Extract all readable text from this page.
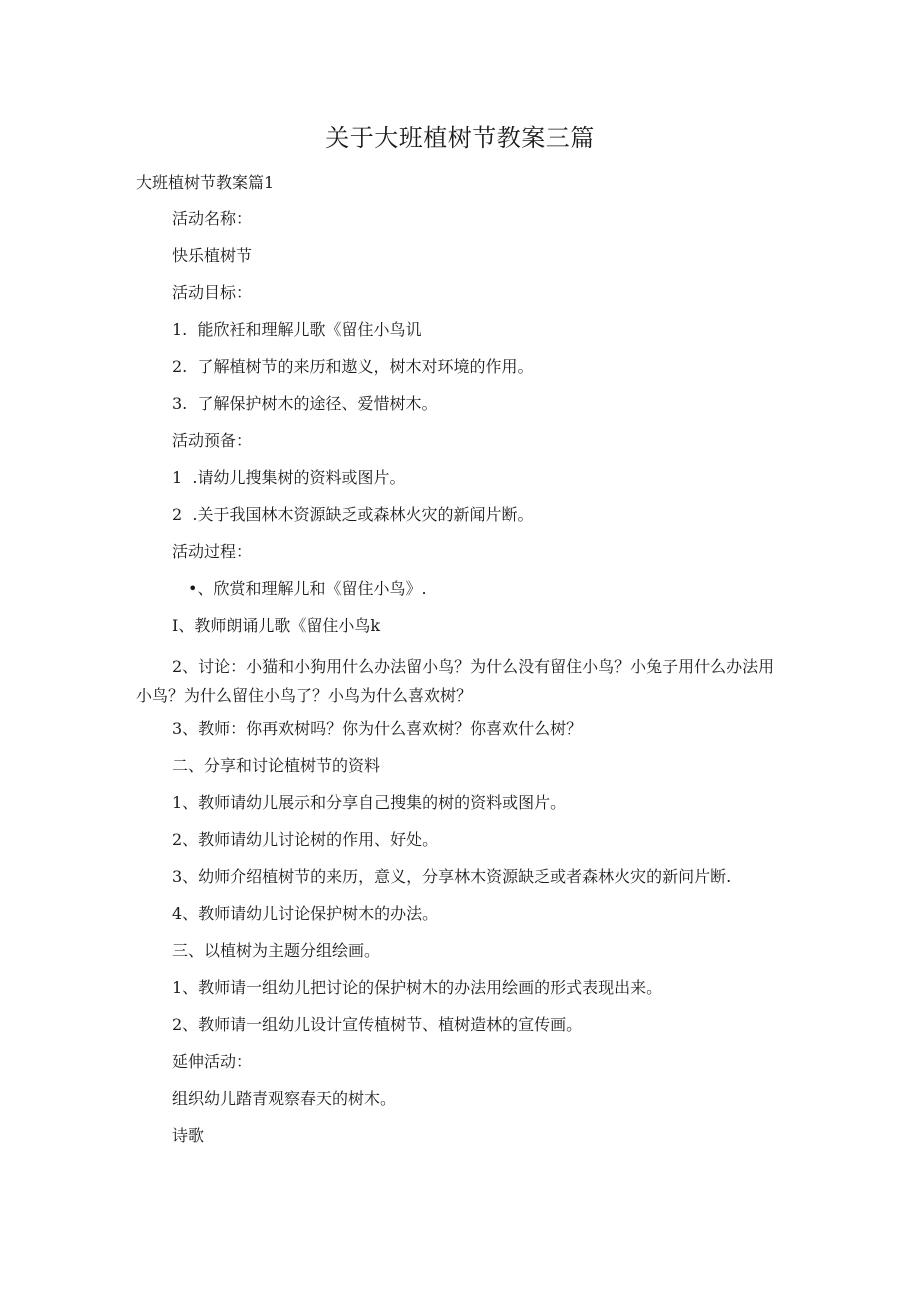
关于大班植树节教案三篇
大班植树节教案篇1

活动名称：

快乐植树节

活动目标：

1.  能欣衽和理解儿歌《留住小鸟讥

2.  了解植树节的来历和遨义，树木对环境的作用。

3.  了解保护树木的途径、爱惜树木。

活动预备：

1  .请幼儿搜集树的资料或图片。

2  .关于我国林木资源缺乏或森林火灾的新闻片断。

活动过程：

•、欣赏和理解儿和《留住小鸟》.

I、教师朗诵儿歌《留住小鸟k

2、讨论：小猫和小狗用什么办法留小鸟？为什么没有留住小鸟？小兔子用什么办法用小鸟？为什么留住小鸟了？小鸟为什么喜欢树？

3、教师：你再欢树吗？你为什么喜欢树？你喜欢什么树？

二、分享和讨论植树节的资料

1、教师请幼儿展示和分享自己搜集的树的资料或图片。

2、教师请幼儿讨论树的作用、好处。

3、幼师介绍植树节的来历，意义，分享林木资源缺乏或者森林火灾的新问片断.

4、教师请幼儿讨论保护树木的办法。

三、以植树为主题分组绘画。

1、教师请一组幼儿把讨论的保护树木的办法用绘画的形式表现出来。

2、教师请一组幼儿设计宣传植树节、植树造林的宣传画。

延伸活动：

组织幼儿踏青观察春天的树木。

诗歌
